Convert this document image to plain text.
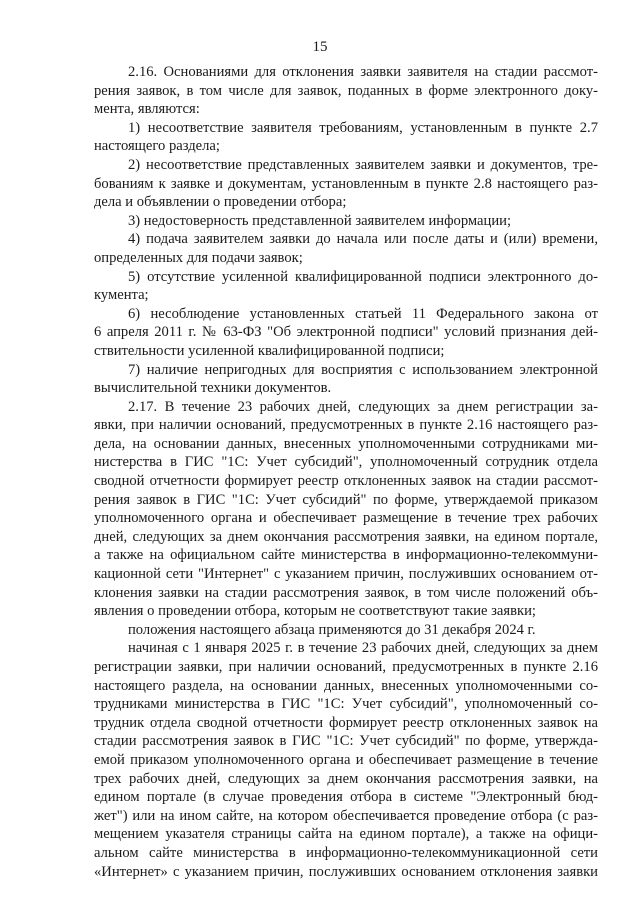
15
2.16. Основаниями для отклонения заявки заявителя на стадии рассмот-
рения заявок, в том числе для заявок, поданных в форме электронного доку-
мента, являются:
1) несоответствие заявителя требованиям, установленным в пункте 2.7
настоящего раздела;
2) несоответствие представленных заявителем заявки и документов, тре-
бованиям к заявке и документам, установленным в пункте 2.8 настоящего раз-
дела и объявлении о проведении отбора;
3) недостоверность представленной заявителем информации;
4) подача заявителем заявки до начала или после даты и (или) времени,
определенных для подачи заявок;
5) отсутствие усиленной квалифицированной подписи электронного до-
кумента;
6) несоблюдение установленных статьей 11 Федерального закона от
6 апреля 2011 г. № 63-ФЗ "Об электронной подписи" условий признания дей-
ствительности усиленной квалифицированной подписи;
7) наличие непригодных для восприятия с использованием электронной
вычислительной техники документов.
2.17. В течение 23 рабочих дней, следующих за днем регистрации за-
явки, при наличии оснований, предусмотренных в пункте 2.16 настоящего раз-
дела, на основании данных, внесенных уполномоченными сотрудниками ми-
нистерства в ГИС "1С: Учет субсидий", уполномоченный сотрудник отдела
сводной отчетности формирует реестр отклоненных заявок на стадии рассмот-
рения заявок в ГИС "1С: Учет субсидий" по форме, утверждаемой приказом
уполномоченного органа и обеспечивает размещение в течение трех рабочих
дней, следующих за днем окончания рассмотрения заявки, на едином портале,
а также на официальном сайте министерства в информационно-телекоммуни-
кационной сети "Интернет" с указанием причин, послуживших основанием от-
клонения заявки на стадии рассмотрения заявок, в том числе положений объ-
явления о проведении отбора, которым не соответствуют такие заявки;
положения настоящего абзаца применяются до 31 декабря 2024 г.
начиная с 1 января 2025 г. в течение 23 рабочих дней, следующих за днем
регистрации заявки, при наличии оснований, предусмотренных в пункте 2.16
настоящего раздела, на основании данных, внесенных уполномоченными со-
трудниками министерства в ГИС "1С: Учет субсидий", уполномоченный со-
трудник отдела сводной отчетности формирует реестр отклоненных заявок на
стадии рассмотрения заявок в ГИС "1С: Учет субсидий" по форме, утвержда-
емой приказом уполномоченного органа и обеспечивает размещение в течение
трех рабочих дней, следующих за днем окончания рассмотрения заявки, на
едином портале (в случае проведения отбора в системе "Электронный бюд-
жет") или на ином сайте, на котором обеспечивается проведение отбора (с раз-
мещением указателя страницы сайта на едином портале), а также на офици-
альном сайте министерства в информационно-телекоммуникационной сети
«Интернет» с указанием причин, послуживших основанием отклонения заявки
